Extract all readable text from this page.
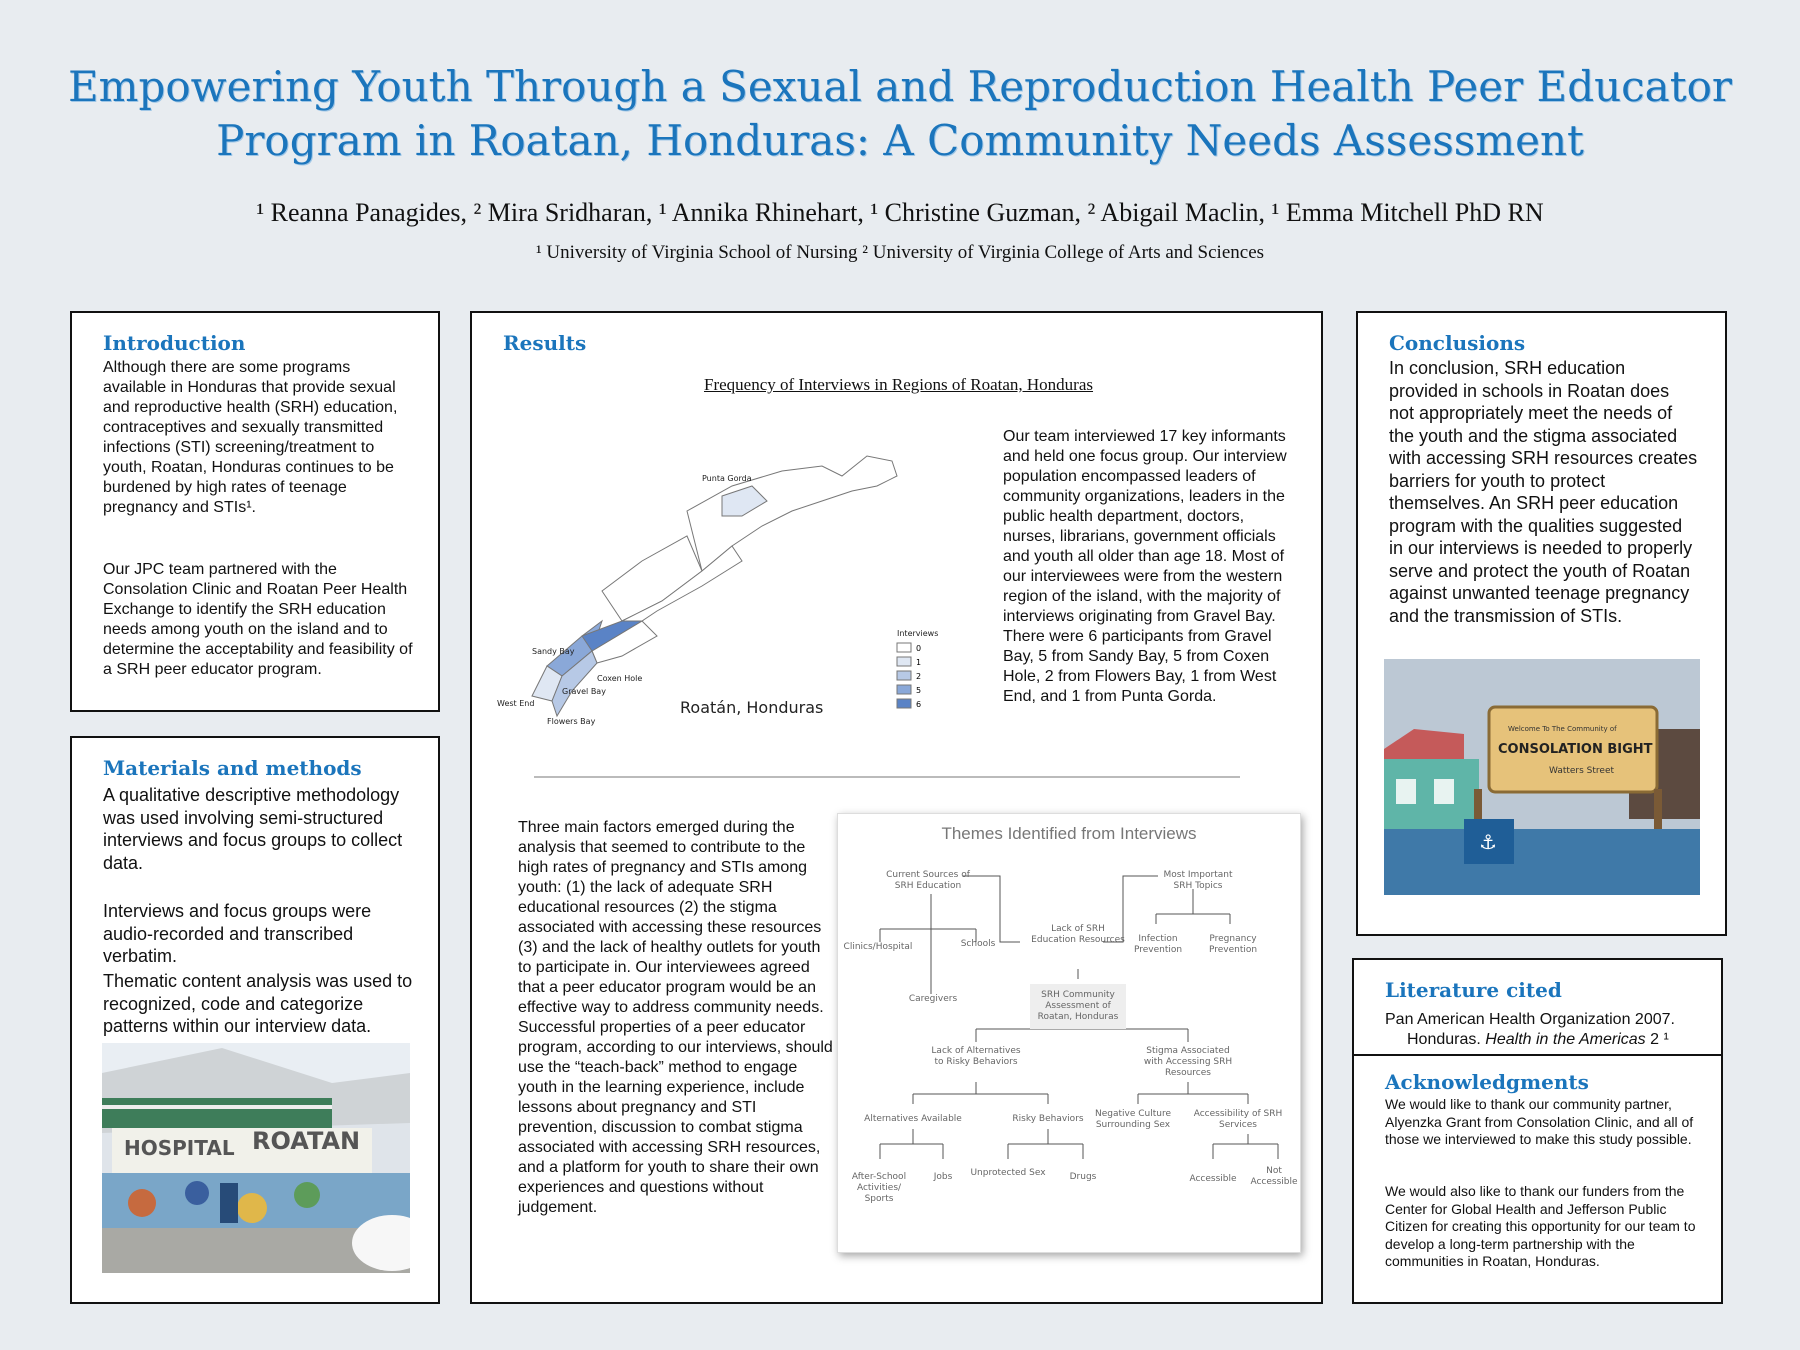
Empowering Youth Through a Sexual and Reproduction Health Peer Educator
Program in Roatan, Honduras: A Community Needs Assessment
¹ Reanna Panagides, ² Mira Sridharan, ¹ Annika Rhinehart, ¹ Christine Guzman, ² Abigail Maclin, ¹ Emma Mitchell PhD RN
¹ University of Virginia School of Nursing ² University of Virginia College of Arts and Sciences
Introduction
Although there are some programs available in Honduras that provide sexual and reproductive health (SRH) education, contraceptives and sexually transmitted infections (STI) screening/treatment to youth, Roatan, Honduras continues to be burdened by high rates of teenage pregnancy and STIs¹.
Our JPC team partnered with the Consolation Clinic and Roatan Peer Health Exchange to identify the SRH education needs among youth on the island and to determine the acceptability and feasibility of a SRH peer educator program.
Materials and methods
A qualitative descriptive methodology was used involving semi-structured interviews and focus groups to collect data.
Interviews and focus groups were audio-recorded and transcribed verbatim.
Thematic content analysis was used to recognized, code and categorize patterns within our interview data.
HOSPITAL ROATAN
Results
Frequency of Interviews in Regions of Roatan, Honduras
Punta Gorda
Sandy Bay
Coxen Hole
Gravel Bay
West End
Flowers Bay
Roatán, Honduras
Interviews
0
1
2
5
6
Our team interviewed 17 key informants and held one focus group. Our interview population encompassed leaders of community organizations, leaders in the public health department, doctors, nurses, librarians, government officials and youth all older than age 18. Most of our interviewees were from the western region of the island, with the majority of interviews originating from Gravel Bay. There were 6 participants from Gravel Bay, 5 from Sandy Bay, 5 from Coxen Hole, 2 from Flowers Bay, 1 from West End, and 1 from Punta Gorda.
Three main factors emerged during the analysis that seemed to contribute to the high rates of pregnancy and STIs among youth: (1) the lack of adequate SRH educational resources (2) the stigma associated with accessing these resources (3) and the lack of healthy outlets for youth to participate in. Our interviewees agreed that a peer educator program would be an effective way to address community needs. Successful properties of a peer educator program, according to our interviews, should use the “teach-back” method to engage youth in the learning experience, include lessons about pregnancy and STI prevention, discussion to combat stigma associated with accessing SRH resources, and a platform for youth to share their own experiences and questions without judgement.
Themes Identified from Interviews
Current Sources of SRH Education
Clinics/Hospital	Schools
Caregivers
Lack of SRH Education Resources
Most Important SRH Topics
Infection Prevention
Pregnancy Prevention
SRH Community Assessment of Roatan, Honduras
Lack of Alternatives to Risky Behaviors
Stigma Associated with Accessing SRH Resources
Alternatives Available	Risky Behaviors	Negative Culture Surrounding Sex
Accessibility of SRH Services
After-School Activities/ Sports
Jobs	Unprotected Sex	Drugs	Accessible
Not Accessible
Conclusions
In conclusion, SRH education provided in schools in Roatan does not appropriately meet the needs of the youth and the stigma associated with accessing SRH resources creates barriers for youth to protect themselves. An SRH peer education program with the qualities suggested in our interviews is needed to properly serve and protect the youth of Roatan against unwanted teenage pregnancy and the transmission of STIs.
Welcome To The Community of
CONSOLATION BIGHT
Watters Street
⚓
Literature cited
Pan American Health Organization 2007. Honduras. Health in the Americas 2 ¹
Acknowledgments
We would like to thank our community partner, Alyenzka Grant from Consolation Clinic, and all of those we interviewed to make this study possible.
We would also like to thank our funders from the Center for Global Health and Jefferson Public Citizen for creating this opportunity for our team to develop a long-term partnership with the communities in Roatan, Honduras.
